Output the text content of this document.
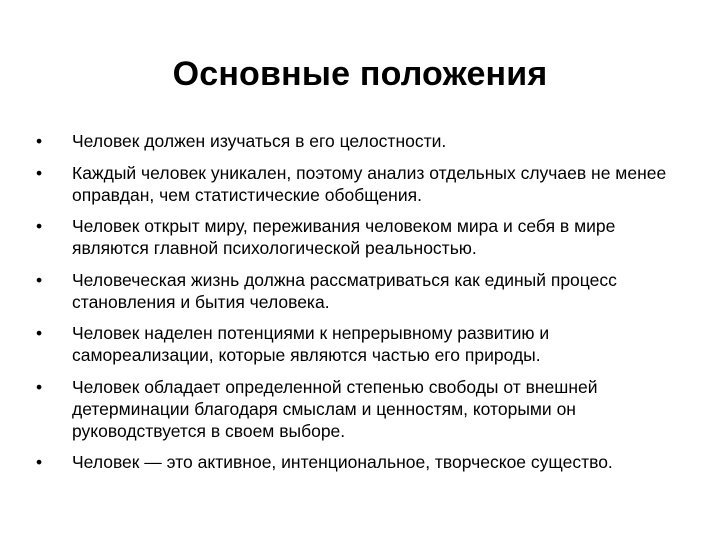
Основные положения
•	Человек должен изучаться в его целостности.
•	Каждый человек уникален, поэтому анализ отдельных случаев не менее оправдан, чем статистические обобщения.
•	Человек открыт миру, переживания человеком мира и себя в мире являются главной психологической реальностью.
•	Человеческая жизнь должна рассматриваться как единый процесс становления и бытия человека.
•	Человек наделен потенциями к непрерывному развитию и самореализации, которые являются частью его природы.
•	Человек обладает определенной степенью свободы от внешней детерминации благодаря смыслам и ценностям, которыми он руководствуется в своем выборе.
•	Человек — это активное, интенциональное, творческое существо.
